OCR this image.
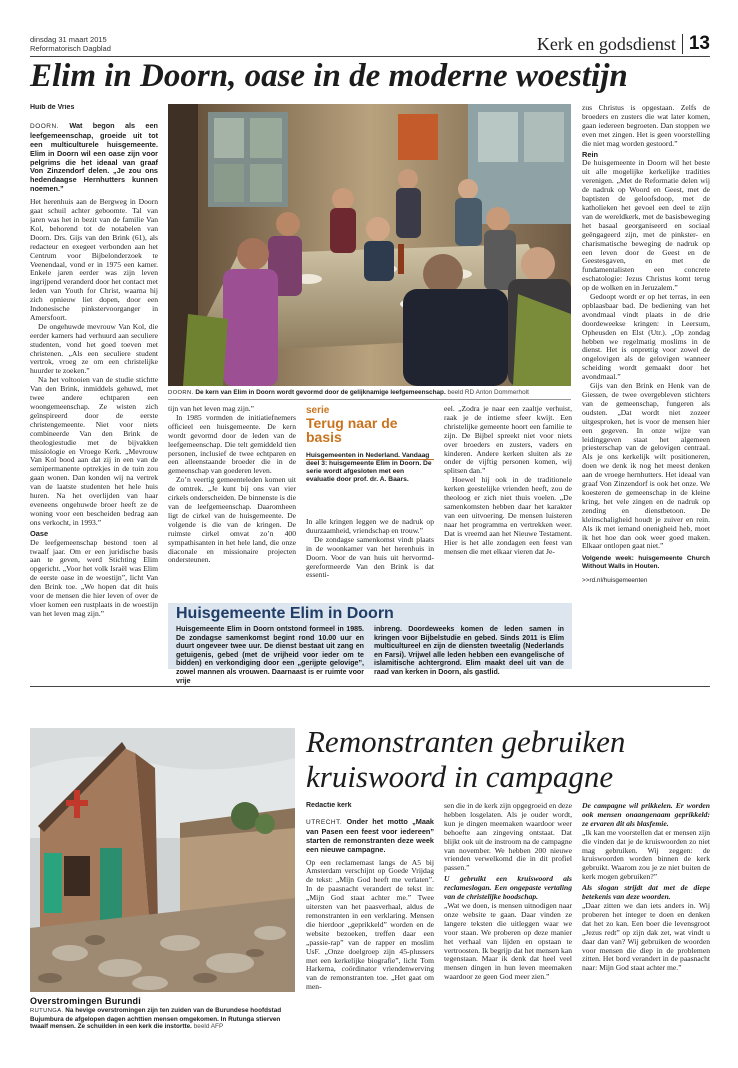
dinsdag 31 maart 2015
Reformatorisch Dagblad	Kerk en godsdienst 13
Elim in Doorn, oase in de moderne woestijn
Huib de Vries

DOORN. Wat begon als een leefgemeenschap, groeide uit tot een multiculturele huisgemeente. Elim in Doorn wil een oase zijn voor pelgrims die het ideaal van graaf Von Zinzendorf delen. „Je zou ons hedendaagse Hernhutters kunnen noemen.”

Het herenhuis aan de Bergweg in Doorn gaat schuil achter geboomte. Tal van jaren was het in bezit van de familie Van Kol, behorend tot de notabelen van Doorn. Drs. Gijs van den Brink (61), als redacteur en exegeet verbonden aan het Centrum voor Bijbelonderzoek te Veenendaal, vond er in 1975 een kamer. Enkele jaren eerder was zijn leven ingrijpend veranderd door het contact met leden van Youth for Christ, waarna hij zich opnieuw liet dopen, door een Indonesische pinkstervoorganger in Amersfoort.

De ongehuwde mevrouw Van Kol, die eerder kamers had verhuurd aan seculiere studenten, vond het goed toeven met christenen. „Als een seculiere student vertrok, vroeg ze om een christelijke huurder te zoeken.”

Na het voltooien van de studie stichtte Van den Brink, inmiddels gehuwd, met twee andere echtparen een woongemeenschap. Ze wisten zich geïnspireerd door de eerste christengemeente. Niet voor niets combineerde Van den Brink de theologiestudie met de bijvakken missiologie en Vroege Kerk. „Mevrouw Van Kol bood aan dat zij in een van de semipermanente optrekjes in de tuin zou gaan wonen. Dan konden wij na vertrek van de laatste studenten het hele huis huren. Na het overlijden van haar eveneens ongehuwde broer heeft ze de woning voor een bescheiden bedrag aan ons verkocht, in 1993.”

Oase

De leefgemeenschap bestond toen al twaalf jaar. Om er een juridische basis aan te geven, werd Stichting Elim opgericht. „Voor het volk Israël was Elim de eerste oase in de woestijn”, licht Van den Brink toe. „We hopen dat dit huis voor de mensen die hier leven of over de vloer komen een rustplaats in de woestijn van het leven mag zijn.”

DOORN. De kern van Elim in Doorn wordt gevormd door de gelijknamige leefgemeenschap. beeld RD Anton Dommerholt

tijn van het leven mag zijn.”

In 1985 vormden de initiatiefnemers officieel een huisgemeente. De kern wordt gevormd door de leden van de leefgemeenschap. Die telt gemiddeld tien personen, inclusief de twee echtparen en een alleenstaande broeder die in de gemeenschap van goederen leven.

Zo’n veertig gemeenteleden komen uit de omtrek. „Je kunt bij ons van vier cirkels onderscheiden. De binnenste is die van de leefgemeenschap. Daaromheen ligt de cirkel van de huisgemeente. De volgende is die van de kringen. De ruimste cirkel omvat zo’n 400 sympathisanten in het hele land, die onze diaconale en missionaire projecten ondersteunen.

serie
Terug naar de basis
Huisgemeenten in Nederland. Vandaag deel 3: huisgemeente Elim in Doorn. De serie wordt afgesloten met een evaluatie door prof. dr. A. Baars.

In alle kringen leggen we de nadruk op duurzaamheid, vriendschap en trouw.”

De zondagse samenkomst vindt plaats in de woonkamer van het herenhuis in Doorn. Voor de van huis uit hervormd-gereformeerde Van den Brink is dat essenti-

eel. „Zodra je naar een zaaltje verhuist, raak je de intieme sfeer kwijt. Een christelijke gemeente hoort een familie te zijn. De Bijbel spreekt niet voor niets over broeders en zusters, vaders en kinderen. Andere kerken sluiten als ze onder de vijftig personen komen, wij splitsen dan.”

Hoewel hij ook in de traditionele kerken geestelijke vrienden heeft, zou de theoloog er zich niet thuis voelen. „De samenkomsten hebben daar het karakter van een uitvoering. De mensen luisteren naar het programma en vertrekken weer. Dat is vreemd aan het Nieuwe Testament. Hier is het alle zondagen een feest van mensen die met elkaar vieren dat Je-

zus Christus is opgestaan. Zelfs de broeders en zusters die wat later komen, gaan iedereen begroeten. Dan stoppen we even met zingen. Het is geen voorstelling die niet mag worden gestoord.”

Rein

De huisgemeente in Doorn wil het beste uit alle mogelijke kerkelijke tradities verenigen. „Met de Reformatie delen wij de nadruk op Woord en Geest, met de baptisten de geloofsdoop, met de katholieken het gevoel een deel te zijn van de wereldkerk, met de basisbeweging het basaal georganiseerd en sociaal geëngageerd zijn, met de pinkster- en charismatische beweging de nadruk op een leven door de Geest en de Geestesgaven, en met de fundamentalisten een concrete eschatologie: Jezus Christus komt terug op de wolken en in Jeruzalem.”

Gedoopt wordt er op het terras, in een opblaasbaar bad. De bediening van het avondmaal vindt plaats in de drie doordeweekse kringen: in Leersum, Opheusden en Elst (Utr.). „Op zondag hebben we regelmatig moslims in de dienst. Het is onprettig voor zowel de ongelovigen als de gelovigen wanneer scheiding wordt gemaakt door het avondmaal.”

Gijs van den Brink en Henk van de Giessen, de twee overgebleven stichters van de gemeenschap, fungeren als oudsten. „Dat wordt niet zozeer uitgesproken, het is voor de mensen hier een gegeven. In onze wijze van leidinggeven staat het algemeen priesterschap van de gelovigen centraal. Als je ons kerkelijk wilt positioneren, doen we denk ik nog het meest denken aan de vroege hernhutters. Het ideaal van graaf Von Zinzendorf is ook het onze. We koesteren de gemeenschap in de kleine kring, het vele zingen en de nadruk op zending en dienstbetoon. De kleinschaligheid houdt je zuiver en rein. Als ik met iemand onenigheid heb, moet ik het hoe dan ook weer goed maken. Elkaar ontlopen gaat niet.”

Volgende week: huisgemeente Church Without Walls in Houten.
>>rd.nl/huisgemeenten
Huisgemeente Elim in Doorn
Huisgemeente Elim in Doorn ontstond formeel in 1985. De zondagse samenkomst begint rond 10.00 uur en duurt ongeveer twee uur. De dienst bestaat uit zang en getuigenis, gebed (met de vrijheid voor ieder om te bidden) en verkondiging door een „gerijpte gelovige”, zowel mannen als vrouwen. Daarnaast is er ruimte voor vrije
inbreng. Doordeweeks komen de leden samen in kringen voor Bijbelstudie en gebed. Sinds 2011 is Elim multicultureel en zijn de diensten tweetalig (Nederlands en Farsi). Vrijwel alle leden hebben een evangelische of islamitische achtergrond. Elim maakt deel uit van de raad van kerken in Doorn, als gastlid.
Overstromingen Burundi
RUTUNGA. Na hevige overstromingen zijn ten zuiden van de Burundese hoofdstad Bujumbura de afgelopen dagen achttien mensen omgekomen. In Rutunga stierven twaalf mensen. Ze schuilden in een kerk die instortte. beeld AFP
Remonstranten gebruiken
kruiswoord in campagne
Redactie kerk

UTRECHT. Onder het motto „Maak van Pasen een feest voor iedereen” starten de remonstranten deze week een nieuwe campagne.

Op een reclamemast langs de A5 bij Amsterdam verschijnt op Goede Vrijdag de tekst: „Mijn God heeft me verlaten”. In de paasnacht verandert de tekst in: „Mijn God staat achter me.” Twee uitersten van het paasverhaal, aldus de remonstranten in een verklaring. Mensen die hierdoor „geprikkeld” worden en de website bezoeken, treffen daar een „passie-rap” van de rapper en moslim UsF. „Onze doelgroep zijn 45-plussers met een kerkelijke biografie”, licht Tom Harkema, coördinator vriendenwerving van de remonstranten toe. „Het gaat om men-

sen die in de kerk zijn opgegroeid en deze hebben losgelaten. Als je ouder wordt, kun je dingen meemaken waardoor weer behoefte aan zingeving ontstaat. Dat blijkt ook uit de instroom na de campagne van november. We hebben 200 nieuwe vrienden verwelkomd die in dit profiel passen.”

U gebruikt een kruiswoord als reclameslogan. Een ongepaste vertaling van de christelijke boodschap.

„Wat we doen, is mensen uitnodigen naar onze website te gaan. Daar vinden ze langere teksten die uitleggen waar we voor staan. We proberen op deze manier het verhaal van lijden en opstaan te vertroosten. Ik begrijp dat het mensen kan tegenstaan. Maar ik denk dat heel veel mensen dingen in hun leven meemaken waardoor ze geen God meer zien.”

De campagne wil prikkelen. Er worden ook mensen onaangenaam geprikkeld: ze ervaren dit als blasfemie.

„Ik kan me voorstellen dat er mensen zijn die vinden dat je de kruiswoorden zo niet mag gebruiken. Wij zeggen: de kruiswoorden worden binnen de kerk gebruikt. Waarom zou je ze niet buiten de kerk mogen gebruiken?”

Als slogan strijdt dat met de diepe betekenis van deze woorden.

„Daar zitten we dan iets anders in. Wij proberen het integer te doen en denken dat het zo kan. Een boer die levensgroot „Jezus redt” op zijn dak zet, wat vindt u daar dan van? Wij gebruiken de woorden voor mensen die diep in de problemen zitten. Het bord verandert in de paasnacht naar: Mijn God staat achter me.”
